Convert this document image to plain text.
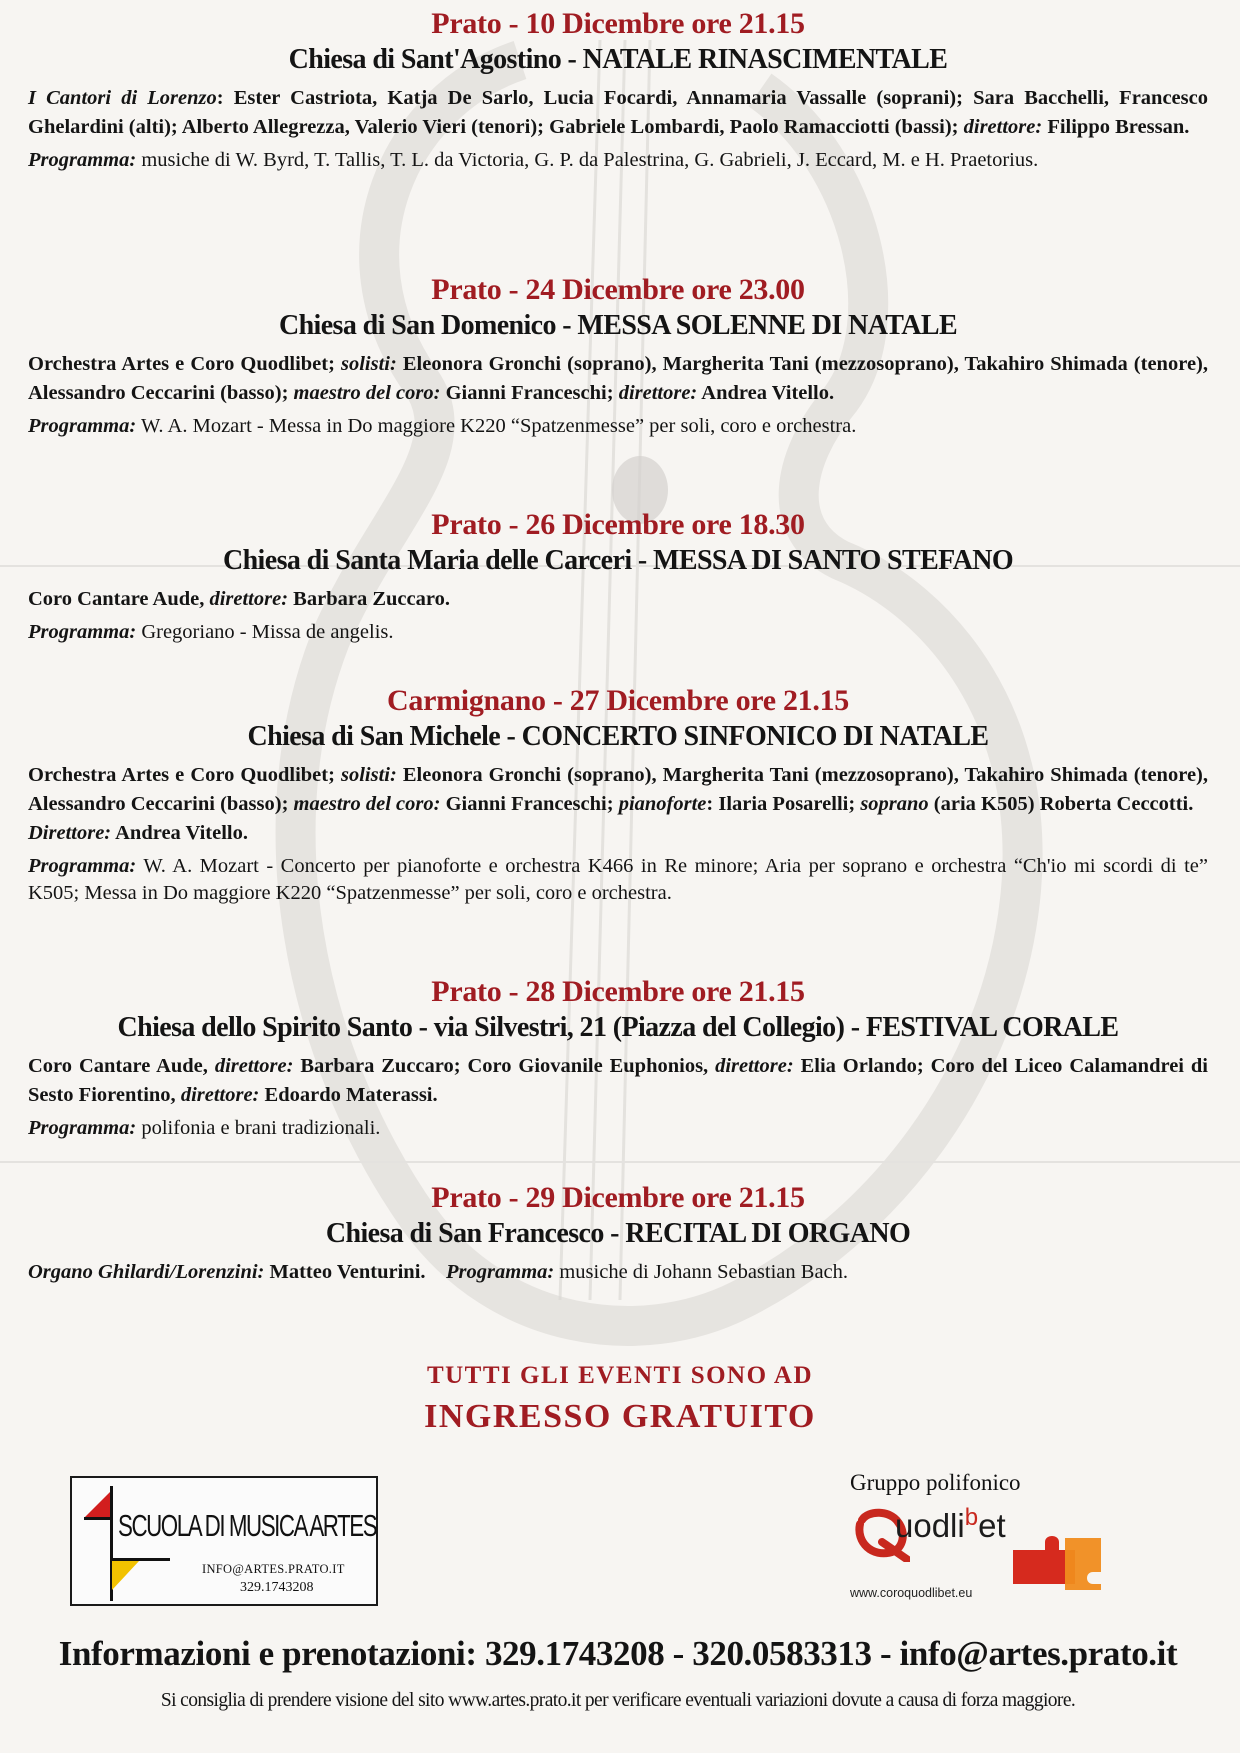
Prato - 10 Dicembre ore 21.15

Chiesa di Sant'Agostino - NATALE RINASCIMENTALE

I Cantori di Lorenzo: Ester Castriota, Katja De Sarlo, Lucia Focardi, Annamaria Vassalle (soprani); Sara Bacchelli, Francesco Ghelardini (alti); Alberto Allegrezza, Valerio Vieri (tenori); Gabriele Lombardi, Paolo Ramacciotti (bassi); direttore: Filippo Bressan.

Programma: musiche di W. Byrd, T. Tallis, T. L. da Victoria, G. P. da Palestrina, G. Gabrieli, J. Eccard, M. e H. Praetorius.

Prato - 24 Dicembre ore 23.00

Chiesa di San Domenico - MESSA SOLENNE DI NATALE

Orchestra Artes e Coro Quodlibet; solisti: Eleonora Gronchi (soprano), Margherita Tani (mezzosoprano), Takahiro Shimada (tenore), Alessandro Ceccarini (basso); maestro del coro: Gianni Franceschi; direttore: Andrea Vitello.

Programma: W. A. Mozart - Messa in Do maggiore K220 “Spatzenmesse” per soli, coro e orchestra.

Prato - 26 Dicembre ore 18.30

Chiesa di Santa Maria delle Carceri - MESSA DI SANTO STEFANO

Coro Cantare Aude, direttore: Barbara Zuccaro.

Programma: Gregoriano - Missa de angelis.

Carmignano - 27 Dicembre ore 21.15

Chiesa di San Michele - CONCERTO SINFONICO DI NATALE

Orchestra Artes e Coro Quodlibet; solisti: Eleonora Gronchi (soprano), Margherita Tani (mezzosoprano), Takahiro Shimada (tenore), Alessandro Ceccarini (basso); maestro del coro: Gianni Franceschi; pianoforte: Ilaria Posarelli; soprano (aria K505) Roberta Ceccotti.
Direttore: Andrea Vitello.

Programma: W. A. Mozart - Concerto per pianoforte e orchestra K466 in Re minore; Aria per soprano e orchestra “Ch'io mi scordi di te” K505; Messa in Do maggiore K220 “Spatzenmesse” per soli, coro e orchestra.

Prato - 28 Dicembre ore 21.15

Chiesa dello Spirito Santo - via Silvestri, 21 (Piazza del Collegio) - FESTIVAL CORALE

Coro Cantare Aude, direttore: Barbara Zuccaro; Coro Giovanile Euphonios, direttore: Elia Orlando; Coro del Liceo Calamandrei di Sesto Fiorentino, direttore: Edoardo Materassi.

Programma: polifonia e brani tradizionali.

Prato - 29 Dicembre ore 21.15

Chiesa di San Francesco - RECITAL DI ORGANO

Organo Ghilardi/Lorenzini: Matteo Venturini. Programma: musiche di Johann Sebastian Bach.

TUTTI GLI EVENTI SONO AD
INGRESSO GRATUITO
SCUOLA DI MUSICA ARTES
INFO@ARTES.PRATO.IT
329.1743208
Gruppo polifonico
uodli$^b$et
www.coroquodlibet.eu
Informazioni e prenotazioni: 329.1743208 - 320.0583313 - info@artes.prato.it
Si consiglia di prendere visione del sito www.artes.prato.it per verificare eventuali variazioni dovute a causa di forza maggiore.
